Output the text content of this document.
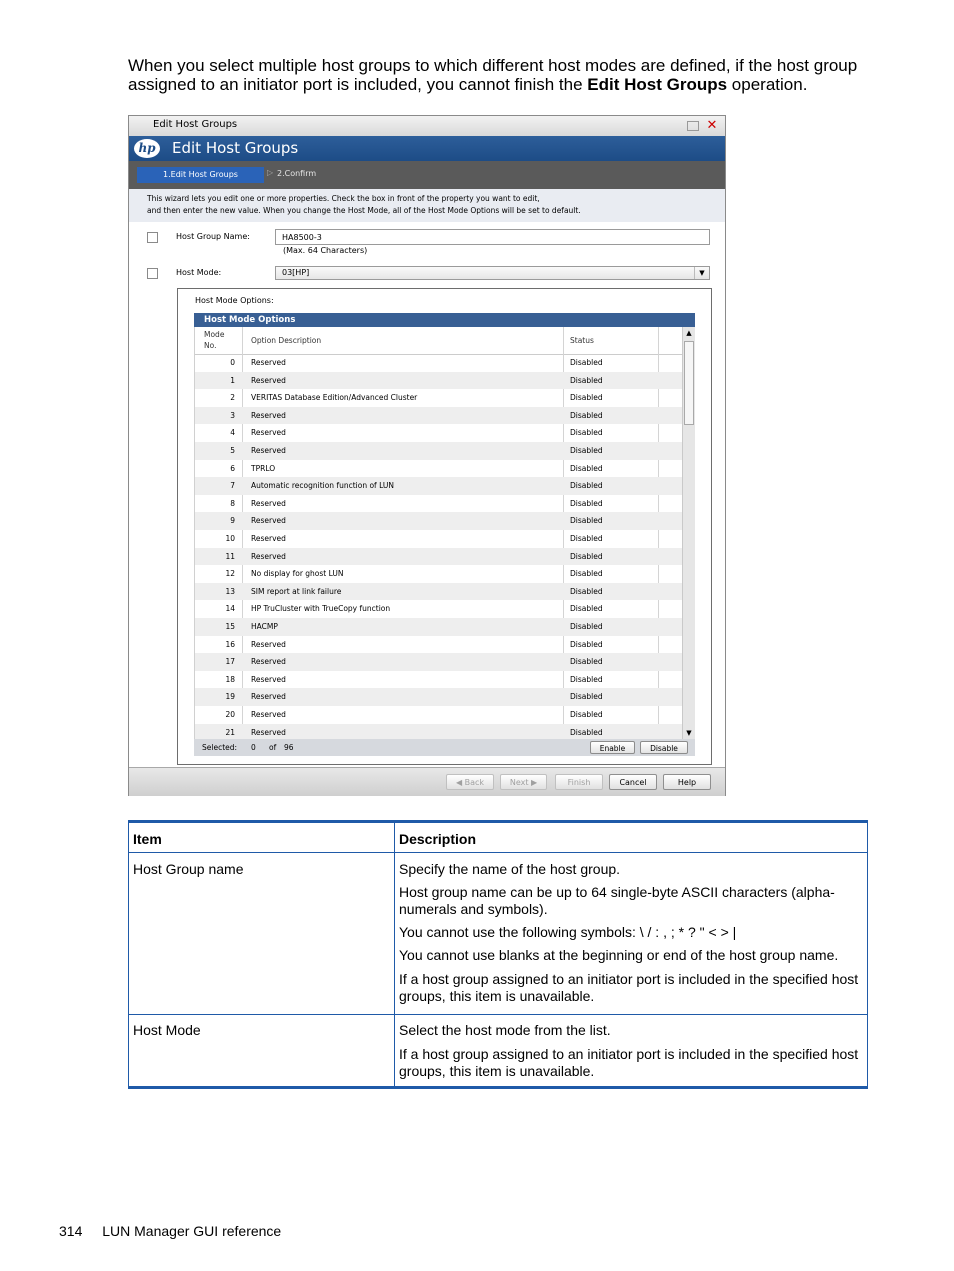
When you select multiple host groups to which different host modes are defined, if the host group assigned to an initiator port is included, you cannot finish the Edit Host Groups operation.
Edit Host Groups	✕
hp Edit Host Groups
1.Edit Host Groups	▷ 2.Confirm
This wizard lets you edit one or more properties. Check the box in front of the property you want to edit,
and then enter the new value. When you change the Host Mode, all of the Host Mode Options will be set to default.
Host Group Name:	HA8500-3
(Max. 64 Characters)
Host Mode:	03[HP]	▼
Host Mode Options:
Host Mode Options
Mode
No.
Option Description	Status
0 Reserved	Disabled
1 Reserved	Disabled
2 VERITAS Database Edition/Advanced Cluster	Disabled
3 Reserved	Disabled
4 Reserved	Disabled
5 Reserved	Disabled
6 TPRLO	Disabled
7 Automatic recognition function of LUN	Disabled
8 Reserved	Disabled
9 Reserved	Disabled
10 Reserved	Disabled
11 Reserved	Disabled
12 No display for ghost LUN	Disabled
13 SIM report at link failure	Disabled
14 HP TruCluster with TrueCopy function	Disabled
15 HACMP	Disabled
16 Reserved	Disabled
17 Reserved	Disabled
18 Reserved	Disabled
19 Reserved	Disabled
20 Reserved	Disabled
21 Reserved	Disabled
▲
▼
Selected: 0 of 96	Enable	Disable
◀ Back	Next ▶	Finish	Cancel	Help
Item	Description
Host Group name	Specify the name of the host group.
Host group name can be up to 64 single-byte ASCII characters (alpha-numerals and symbols).
You cannot use the following symbols: \ / : , ; * ? " < > |
You cannot use blanks at the beginning or end of the host group name.
If a host group assigned to an initiator port is included in the specified host groups, this item is unavailable.
Host Mode	Select the host mode from the list.
If a host group assigned to an initiator port is included in the specified host groups, this item is unavailable.
314 LUN Manager GUI reference
